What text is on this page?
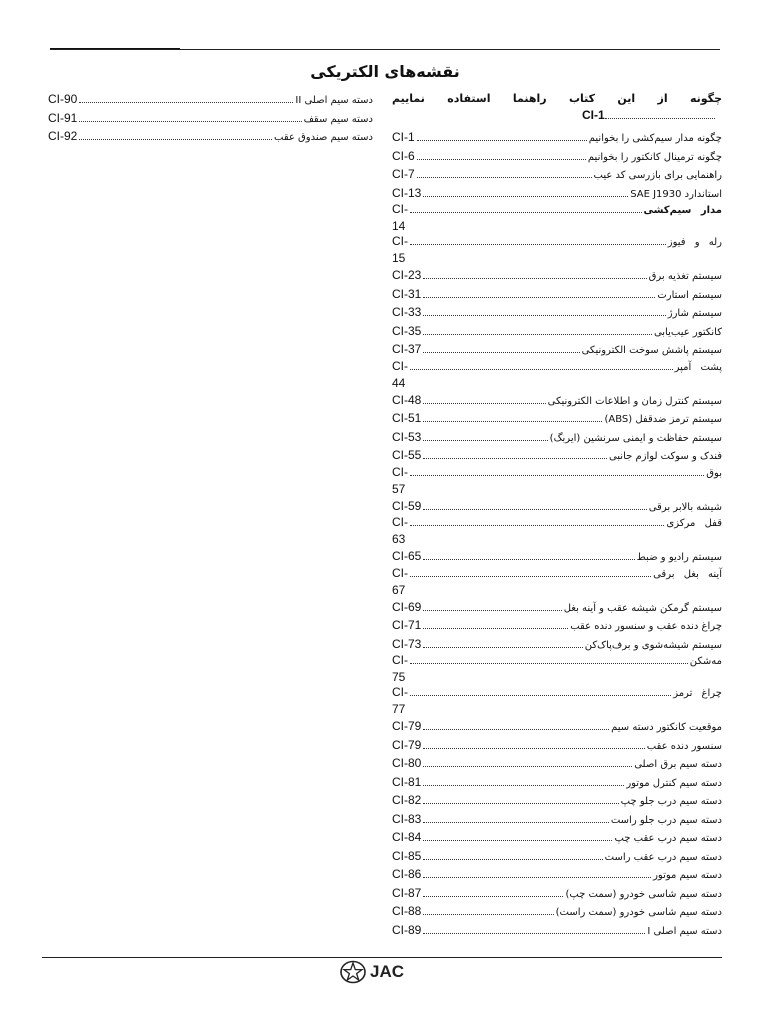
نقشه‌های الکتریکی
چگونه
از
این
کتاب
راهنما
استفاده
نمایيم
CI-1
چگونه مدار سیم‌کشی را بخوانیم
CI-1
چگونه ترمینال کانکتور را بخوانیم
CI-6
راهنمایی برای بازرسی کد عیب
CI-7
استاندارد SAE J1930
CI-13
مدار سیم‌کشی
CI-
14
رله و فیوز
CI-
15
سیستم تغذیه برق
CI-23
سیستم استارت
CI-31
سیستم شارژ
CI-33
کانکتور عیب‌یابی
CI-35
سیستم پاشش سوخت الکترونیکی
CI-37
پشت آمپر
CI-
44
سیستم کنترل زمان و اطلاعات الکترونیکی
CI-48
سیستم ترمز ضدقفل (ABS)
CI-51
سیستم حفاظت و ایمنی سرنشین (ایربگ)
CI-53
فندک و سوکت لوازم جانبی
CI-55
بوق
CI-
57
شیشه بالابر برقی
CI-59
قفل مرکزی
CI-
63
سیستم رادیو و ضبط
CI-65
آینه بغل برقی
CI-
67
سیستم گرمکن شیشه عقب و آینه بغل
CI-69
چراغ دنده عقب و سنسور دنده عقب
CI-71
سیستم شیشه‌شوی و برف‌پاک‌کن
CI-73
مه‌شکن
CI-
75
چراغ ترمز
CI-
77
موقعیت کانکتور دسته سیم
CI-79
سنسور دنده عقب
CI-79
دسته سیم برق اصلی
CI-80
دسته سیم کنترل موتور
CI-81
دسته سیم درب جلو چپ
CI-82
دسته سیم درب جلو راست
CI-83
دسته سیم درب عقب چپ
CI-84
دسته سیم درب عقب راست
CI-85
دسته سیم موتور
CI-86
دسته سیم شاسی خودرو (سمت چپ)
CI-87
دسته سیم شاسی خودرو (سمت راست)
CI-88
دسته سیم اصلی I
CI-89
دسته سیم اصلی II
CI-90
دسته سیم سقف
CI-91
دسته سیم صندوق عقب
CI-92
JAC
